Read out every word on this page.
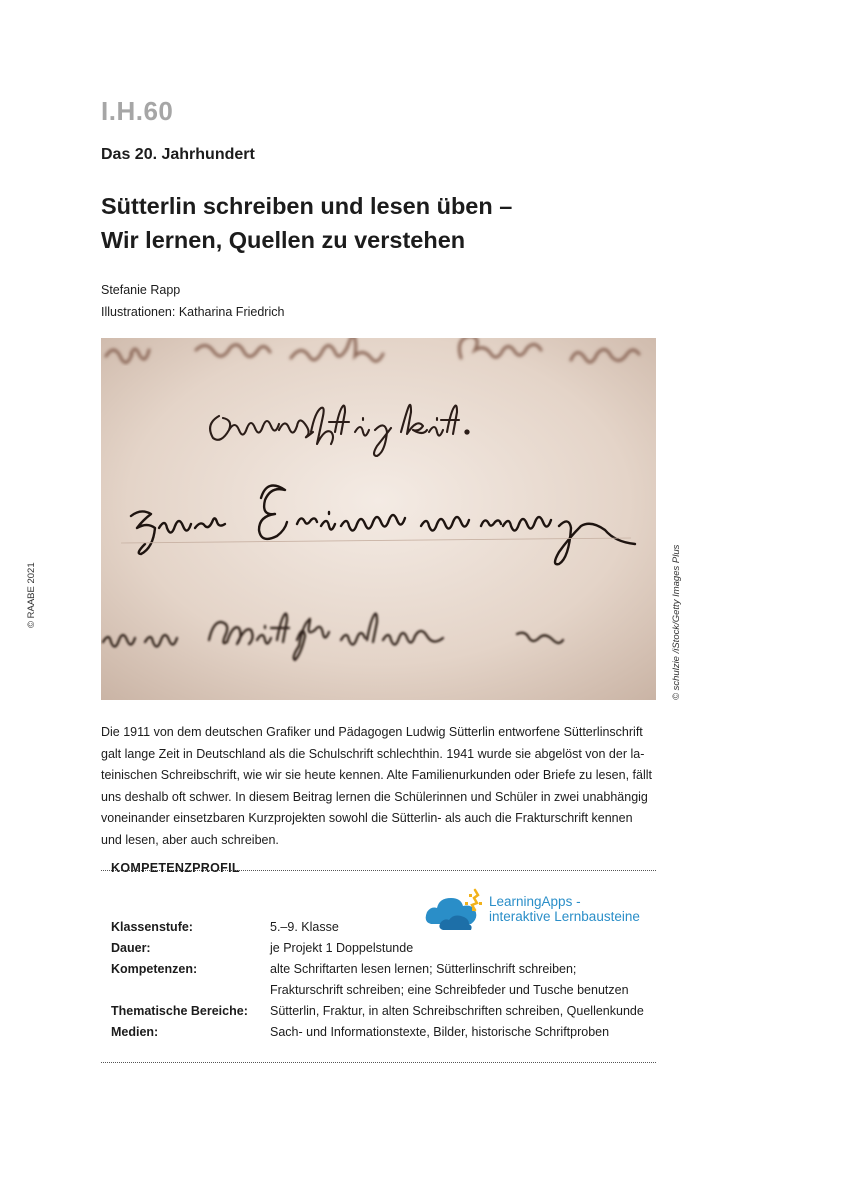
I.H.60
Das 20. Jahrhundert
Sütterlin schreiben und lesen üben –
Wir lernen, Quellen zu verstehen
Stefanie Rapp
Illustrationen: Katharina Friedrich
© RAABE 2021	© schulzie /iStock/Getty Images Plus
Die 1911 von dem deutschen Grafiker und Pädagogen Ludwig Sütterlin entworfene Sütterlinschrift
galt lange Zeit in Deutschland als die Schulschrift schlechthin. 1941 wurde sie abgelöst von der la-
teinischen Schreibschrift, wie wir sie heute kennen. Alte Familienurkunden oder Briefe zu lesen, fällt
uns deshalb oft schwer. In diesem Beitrag lernen die Schülerinnen und Schüler in zwei unabhängig
voneinander einsetzbaren Kurzprojekten sowohl die Sütterlin- als auch die Frakturschrift kennen
und lesen, aber auch schreiben.
KOMPETENZPROFIL
LearningApps -
interaktive Lernbausteine
Klassenstufe:	5.–9. Klasse
Dauer:	je Projekt 1 Doppelstunde
Kompetenzen:	alte Schriftarten lesen lernen; Sütterlinschrift schreiben;
Frakturschrift schreiben; eine Schreibfeder und Tusche benutzen
Thematische Bereiche:	Sütterlin, Fraktur, in alten Schreibschriften schreiben, Quellenkunde
Medien:	Sach- und Informationstexte, Bilder, historische Schriftproben
